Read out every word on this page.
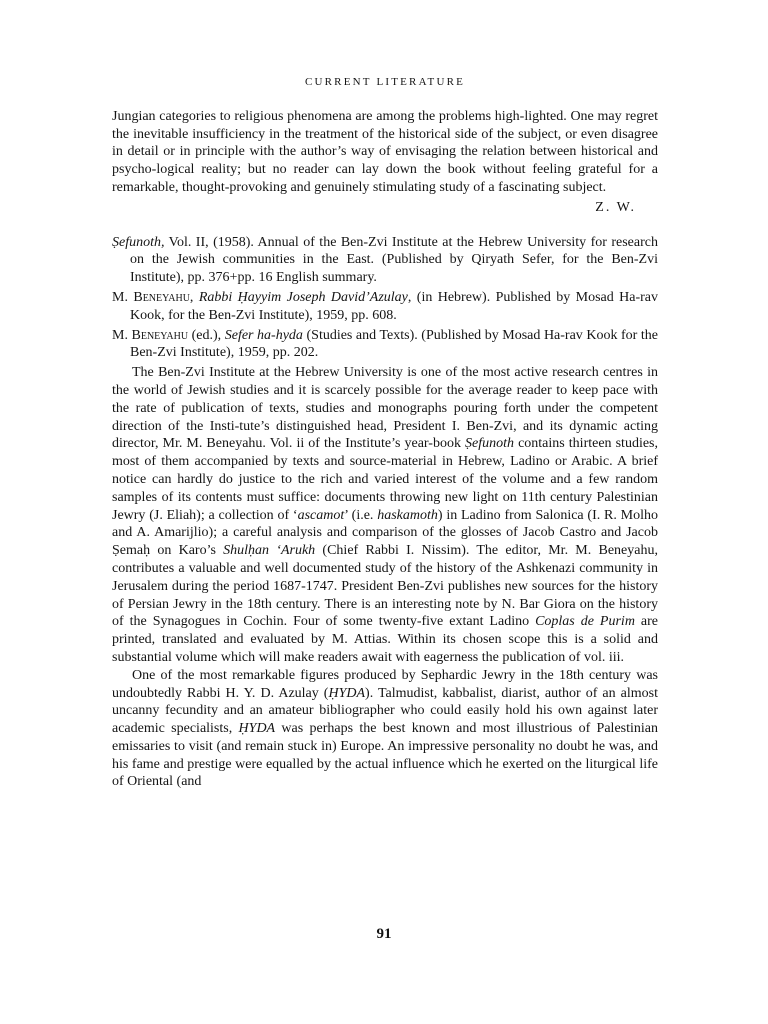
CURRENT LITERATURE

Jungian categories to religious phenomena are among the problems high-lighted. One may regret the inevitable insufficiency in the treatment of the historical side of the subject, or even disagree in detail or in principle with the author’s way of envisaging the relation between historical and psycho-logical reality; but no reader can lay down the book without feeling grateful for a remarkable, thought-provoking and genuinely stimulating study of a fascinating subject.

Z. W.

Ṣefunoth, Vol. II, (1958). Annual of the Ben-Zvi Institute at the Hebrew University for research on the Jewish communities in the East. (Published by Qiryath Sefer, for the Ben-Zvi Institute), pp. 376+pp. 16 English summary.

M. Beneyahu, Rabbi Ḥayyim Joseph David’Azulay, (in Hebrew). Published by Mosad Ha-rav Kook, for the Ben-Zvi Institute), 1959, pp. 608.

M. Beneyahu (ed.), Sefer ha-hyda (Studies and Texts). (Published by Mosad Ha-rav Kook for the Ben-Zvi Institute), 1959, pp. 202.

The Ben-Zvi Institute at the Hebrew University is one of the most active research centres in the world of Jewish studies and it is scarcely possible for the average reader to keep pace with the rate of publication of texts, studies and monographs pouring forth under the competent direction of the Insti-tute’s distinguished head, President I. Ben-Zvi, and its dynamic acting director, Mr. M. Beneyahu. Vol. ii of the Institute’s year-book Ṣefunoth contains thirteen studies, most of them accompanied by texts and source-material in Hebrew, Ladino or Arabic. A brief notice can hardly do justice to the rich and varied interest of the volume and a few random samples of its contents must suffice: documents throwing new light on 11th century Palestinian Jewry (J. Eliah); a collection of ‘ascamot’ (i.e. haskamoth) in Ladino from Salonica (I. R. Molho and A. Amarijlio); a careful analysis and comparison of the glosses of Jacob Castro and Jacob Ṣemaḥ on Karo’s Shulḥan ‘Arukh (Chief Rabbi I. Nissim). The editor, Mr. M. Beneyahu, contributes a valuable and well documented study of the history of the Ashkenazi community in Jerusalem during the period 1687-1747. President Ben-Zvi publishes new sources for the history of Persian Jewry in the 18th century. There is an interesting note by N. Bar Giora on the history of the Synagogues in Cochin. Four of some twenty-five extant Ladino Coplas de Purim are printed, translated and evaluated by M. Attias. Within its chosen scope this is a solid and substantial volume which will make readers await with eagerness the publication of vol. iii.

One of the most remarkable figures produced by Sephardic Jewry in the 18th century was undoubtedly Rabbi H. Y. D. Azulay (ḤYDA). Talmudist, kabbalist, diarist, author of an almost uncanny fecundity and an amateur bibliographer who could easily hold his own against later academic specialists, ḤYDA was perhaps the best known and most illustrious of Palestinian emissaries to visit (and remain stuck in) Europe. An impressive personality no doubt he was, and his fame and prestige were equalled by the actual influence which he exerted on the liturgical life of Oriental (and

91
